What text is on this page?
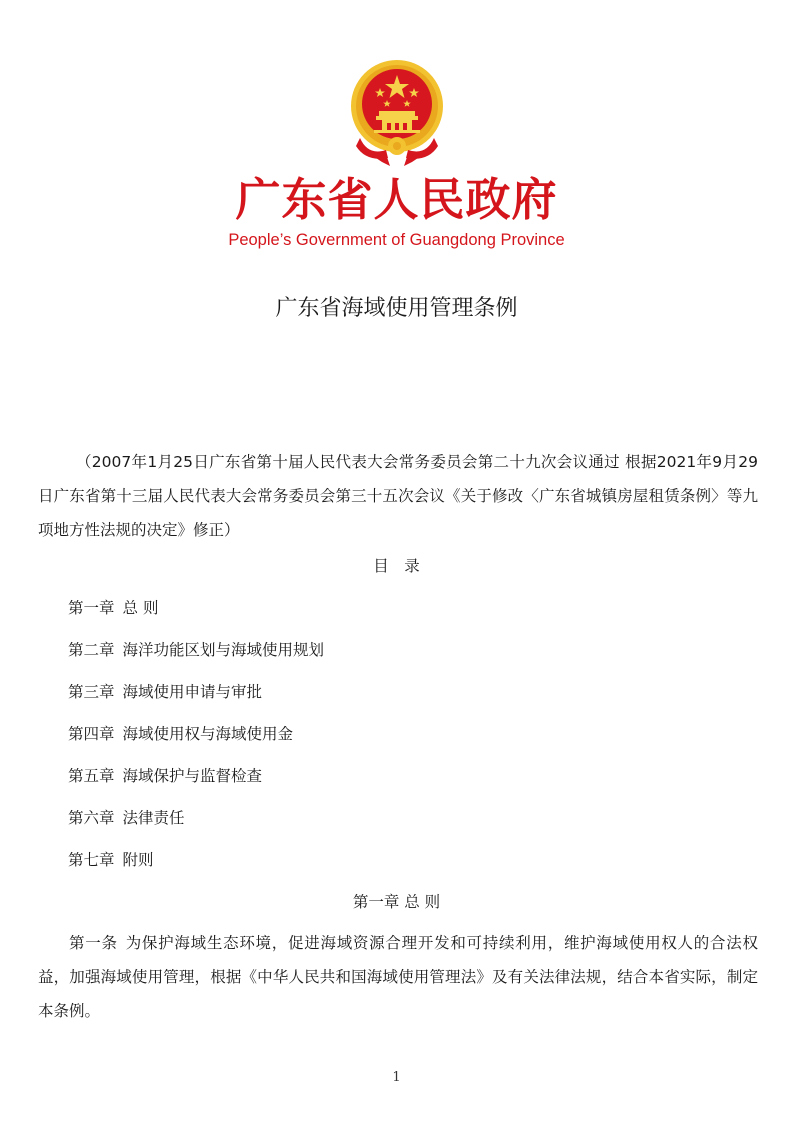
广东省人民政府
People’s Government of Guangdong Province
广东省海域使用管理条例
（2007年1月25日广东省第十届人民代表大会常务委员会第二十九次会议通过 根据2021年9月29日广东省第十三届人民代表大会常务委员会第三十五次会议《关于修改〈广东省城镇房屋租赁条例〉等九项地方性法规的决定》修正）
目　录
第一章 总 则
第二章 海洋功能区划与海域使用规划
第三章 海域使用申请与审批
第四章 海域使用权与海域使用金
第五章 海域保护与监督检查
第六章 法律责任
第七章 附则
第一章 总 则
第一条 为保护海域生态环境，促进海域资源合理开发和可持续利用，维护海域使用权人的合法权益，加强海域使用管理，根据《中华人民共和国海域使用管理法》及有关法律法规，结合本省实际，制定本条例。
1
